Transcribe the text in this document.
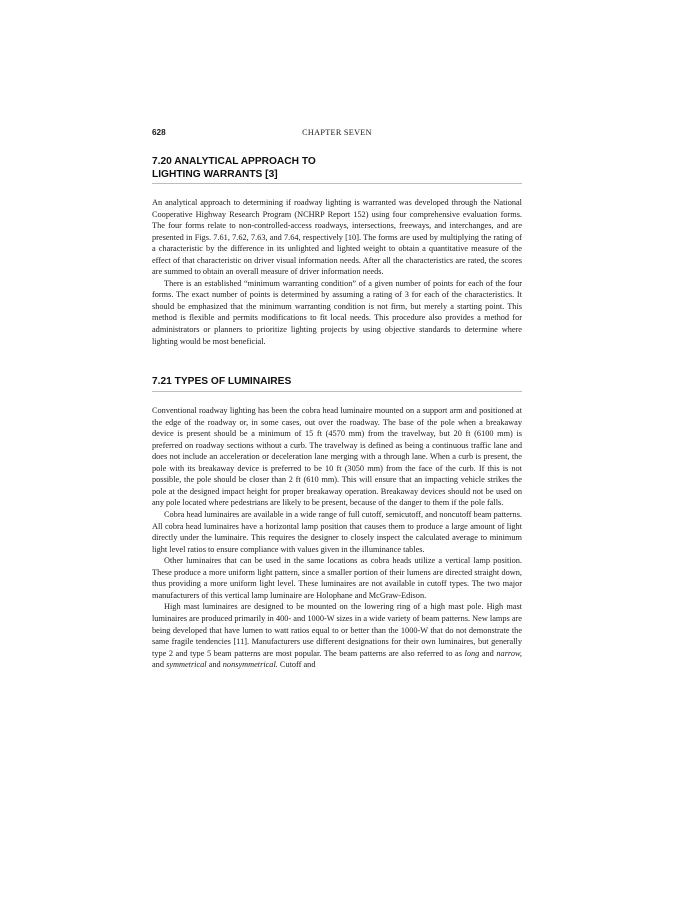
628	CHAPTER SEVEN
7.20 ANALYTICAL APPROACH TO
LIGHTING WARRANTS [3]

An analytical approach to determining if roadway lighting is warranted was developed through the National Cooperative Highway Research Program (NCHRP Report 152) using four comprehensive evaluation forms. The four forms relate to non-controlled-access roadways, intersections, freeways, and interchanges, and are presented in Figs. 7.61, 7.62, 7.63, and 7.64, respectively [10]. The forms are used by multiplying the rating of a characteristic by the difference in its unlighted and lighted weight to obtain a quantitative measure of the effect of that characteristic on driver visual information needs. After all the characteristics are rated, the scores are summed to obtain an overall measure of driver information needs.

There is an established “minimum warranting condition” of a given number of points for each of the four forms. The exact number of points is determined by assuming a rating of 3 for each of the characteristics. It should be emphasized that the minimum warranting condition is not firm, but merely a starting point. This method is flexible and permits modifications to fit local needs. This procedure also provides a method for administrators or planners to prioritize lighting projects by using objective standards to determine where lighting would be most beneficial.

7.21 TYPES OF LUMINAIRES

Conventional roadway lighting has been the cobra head luminaire mounted on a support arm and positioned at the edge of the roadway or, in some cases, out over the roadway. The base of the pole when a breakaway device is present should be a minimum of 15 ft (4570 mm) from the travelway, but 20 ft (6100 mm) is preferred on roadway sections without a curb. The travelway is defined as being a continuous traffic lane and does not include an acceleration or deceleration lane merging with a through lane. When a curb is present, the pole with its breakaway device is preferred to be 10 ft (3050 mm) from the face of the curb. If this is not possible, the pole should be closer than 2 ft (610 mm). This will ensure that an impacting vehicle strikes the pole at the designed impact height for proper breakaway operation. Breakaway devices should not be used on any pole located where pedestrians are likely to be present, because of the danger to them if the pole falls.

Cobra head luminaires are available in a wide range of full cutoff, semicutoff, and noncutoff beam patterns. All cobra head luminaires have a horizontal lamp position that causes them to produce a large amount of light directly under the luminaire. This requires the designer to closely inspect the calculated average to minimum light level ratios to ensure compliance with values given in the illuminance tables.

Other luminaires that can be used in the same locations as cobra heads utilize a vertical lamp position. These produce a more uniform light pattern, since a smaller portion of their lumens are directed straight down, thus providing a more uniform light level. These luminaires are not available in cutoff types. The two major manufacturers of this vertical lamp luminaire are Holophane and McGraw-Edison.

High mast luminaires are designed to be mounted on the lowering ring of a high mast pole. High mast luminaires are produced primarily in 400- and 1000-W sizes in a wide variety of beam patterns. New lamps are being developed that have lumen to watt ratios equal to or better than the 1000-W that do not demonstrate the same fragile tendencies [11]. Manufacturers use different designations for their own luminaires, but generally type 2 and type 5 beam patterns are most popular. The beam patterns are also referred to as long and narrow, and symmetrical and nonsymmetrical. Cutoff and
